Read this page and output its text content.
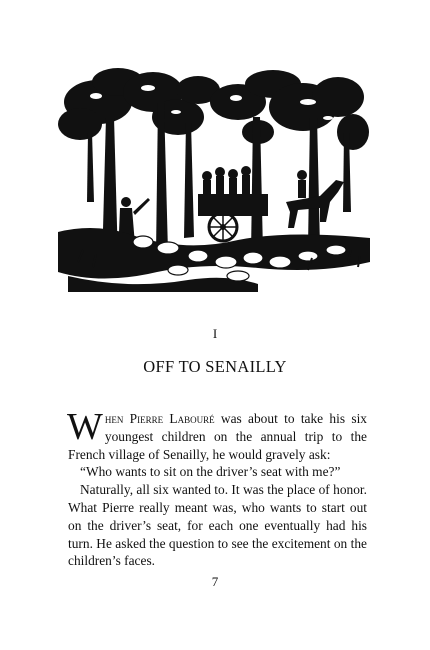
I
OFF TO SENAILLY

When Pierre Labouré was about to take his six youngest children on the annual trip to the French village of Senailly, he would gravely ask:

“Who wants to sit on the driver’s seat with me?”

Naturally, all six wanted to. It was the place of honor. What Pierre really meant was, who wants to start out on the driver’s seat, for each one eventually had his turn. He asked the question to see the excitement on the children’s faces.

7
